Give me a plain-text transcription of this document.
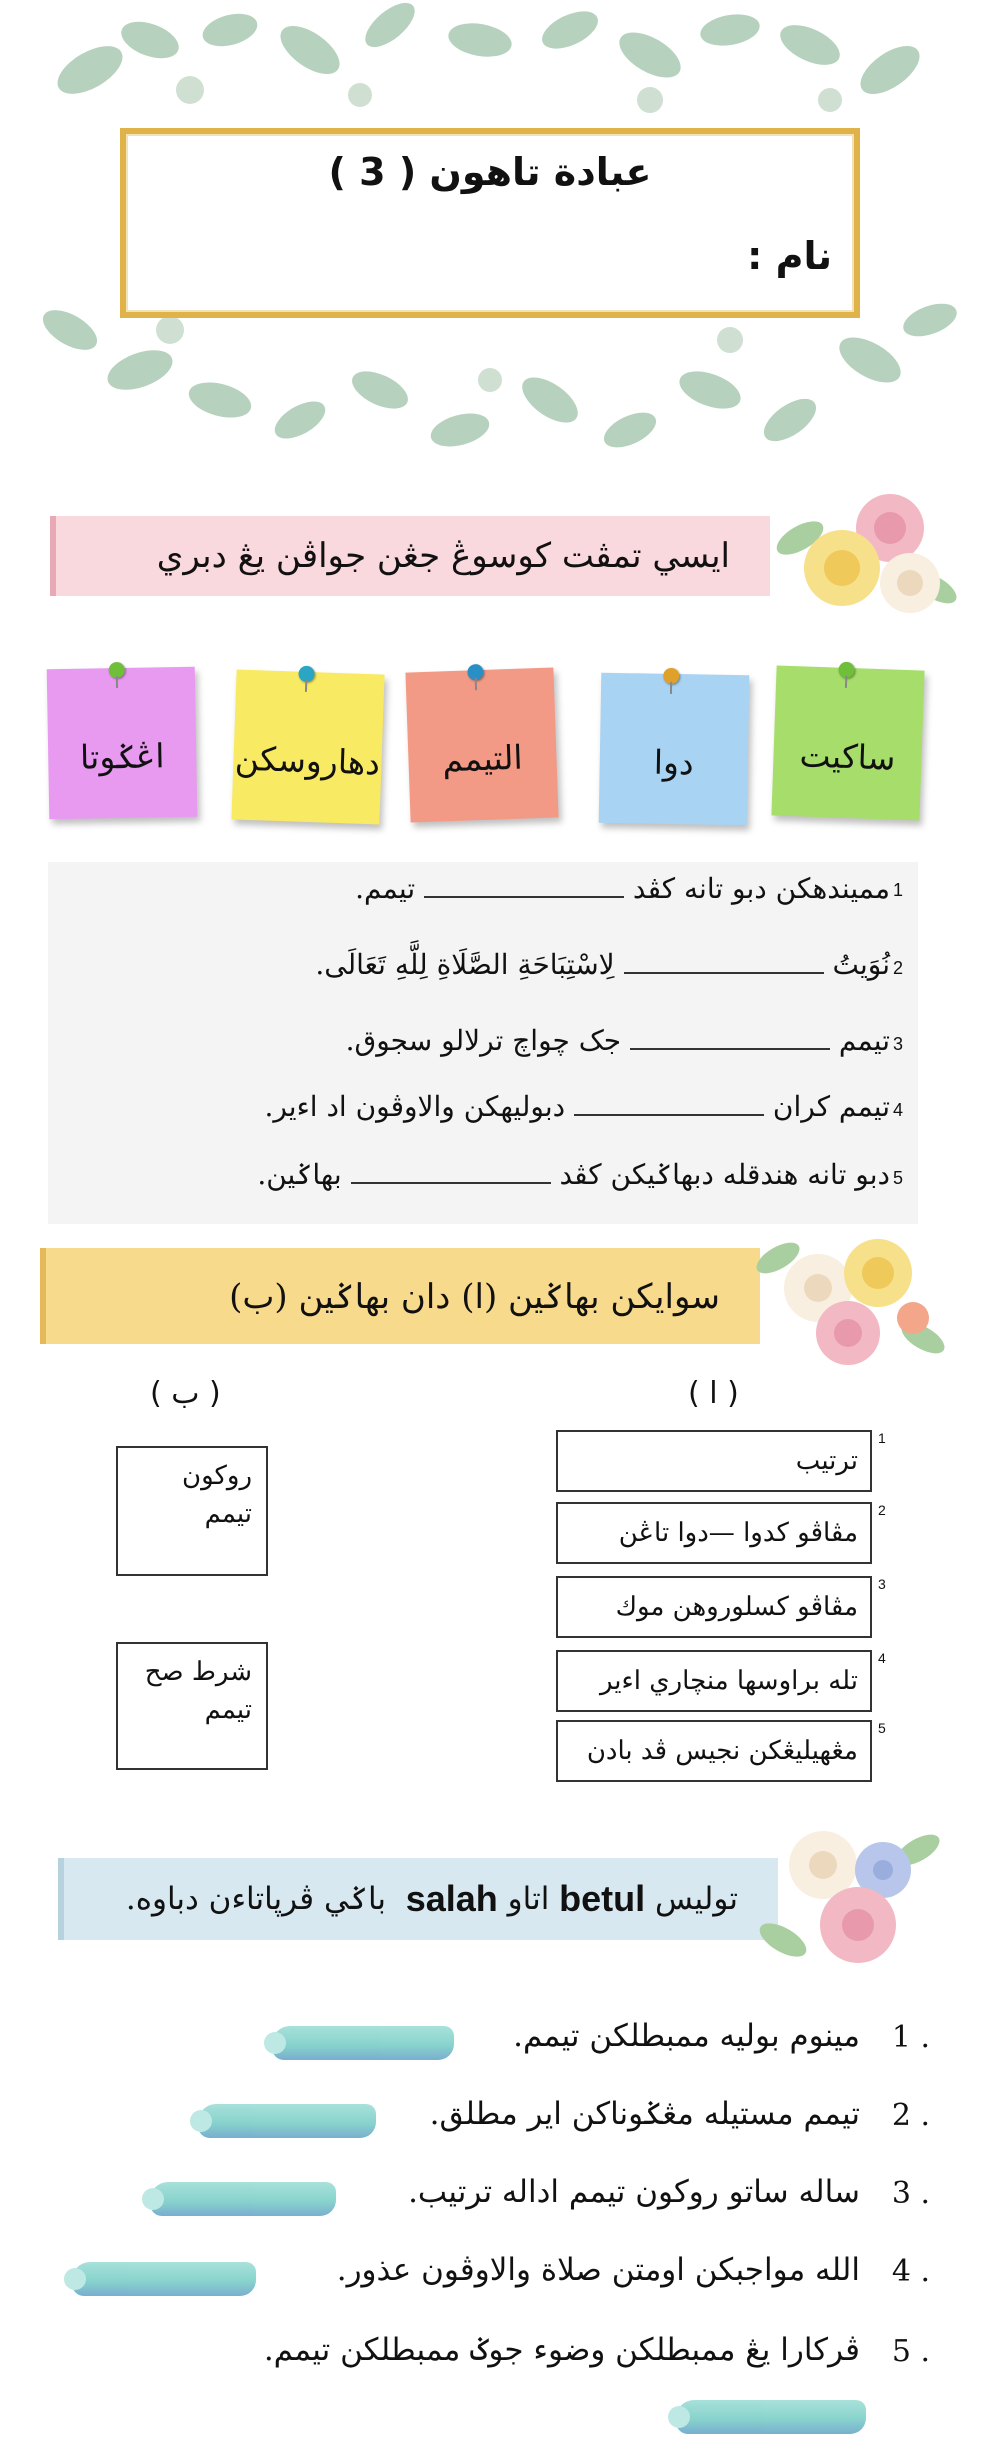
عبادة تاهون ( 3 )
نام :
ايسي تمڤت كوسوڠ جڠن جواڤن يڠ دبري
ساكيت
دوا
التيمم
دهاروسكن
اڠݢوتا
1
مميندهكن دبو تانه كڤد  تيمم.
2
نُوَيتُ  لِاسْتِبَاحَةِ الصَّلَاةِ لِلَّهِ تَعَالَى.
3
تيمم  جک چواچ ترلالو سجوق.
4
تيمم كران  دبوليهكن والاوڤون اد اءير.
5
دبو تانه هندقله دبهاݢيكن كڤد  بهاݢين.
سوايكن بهاݢين (ا) دان بهاݢين (ب)
( ا )
( ب )
ترتيب
1
مڤاڤو كدوا —دوا تاڠن
2
مڤاڤو كسلوروهن موك
3
تله براوسها منچاري اءير
4
مڠهيليڠكن نجيس ڤد بادن
5
روكون
تيمم
شرط صح
تيمم
توليس

betul

اتاو

salah

باݢي ڤرڽاتاءن دباوه.
1 .
مينوم بوليه ممبطلكن تيمم.
2 .
تيمم مستيله مڠݢوناكن اير مطلق.
3 .
ساله ساتو روكون تيمم اداله ترتيب.
4 .
الله مواجبكن اومتن صلاة والاوڤون عذور.
5 .
ڤركارا يڠ ممبطلكن وضوء جوݢ ممبطلكن تيمم.
